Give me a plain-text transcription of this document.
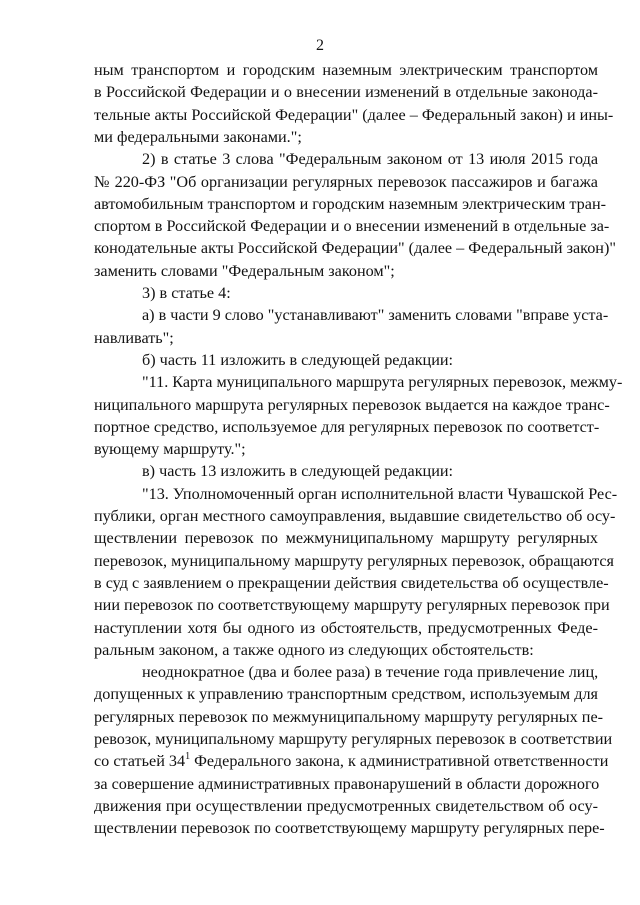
2
ным транспортом и городским наземным электрическим транспортом
в Российской Федерации и о внесении изменений в отдельные законода-
тельные акты Российской Федерации" (далее – Федеральный закон) и ины-
ми федеральными законами.";
2) в статье 3 слова "Федеральным законом от 13 июля 2015 года
№ 220-ФЗ "Об организации регулярных перевозок пассажиров и багажа
автомобильным транспортом и городским наземным электрическим тран-
спортом в Российской Федерации и о внесении изменений в отдельные за-
конодательные акты Российской Федерации" (далее – Федеральный закон)"
заменить словами "Федеральным законом";
3) в статье 4:
а) в части 9 слово "устанавливают" заменить словами "вправе уста-
навливать";
б) часть 11 изложить в следующей редакции:
"11. Карта муниципального маршрута регулярных перевозок, межму-
ниципального маршрута регулярных перевозок выдается на каждое транс-
портное средство, используемое для регулярных перевозок по соответст-
вующему маршруту.";
в) часть 13 изложить в следующей редакции:
"13. Уполномоченный орган исполнительной власти Чувашской Рес-
публики, орган местного самоуправления, выдавшие свидетельство об осу-
ществлении перевозок по межмуниципальному маршруту регулярных
перевозок, муниципальному маршруту регулярных перевозок, обращаются
в суд с заявлением о прекращении действия свидетельства об осуществле-
нии перевозок по соответствующему маршруту регулярных перевозок при
наступлении хотя бы одного из обстоятельств, предусмотренных Феде-
ральным законом, а также одного из следующих обстоятельств:
неоднократное (два и более раза) в течение года привлечение лиц,
допущенных к управлению транспортным средством, используемым для
регулярных перевозок по межмуниципальному маршруту регулярных пе-
ревозок, муниципальному маршруту регулярных перевозок в соответствии
со статьей $34^1$ Федерального закона, к административной ответственности
за совершение административных правонарушений в области дорожного
движения при осуществлении предусмотренных свидетельством об осу-
ществлении перевозок по соответствующему маршруту регулярных пере-
